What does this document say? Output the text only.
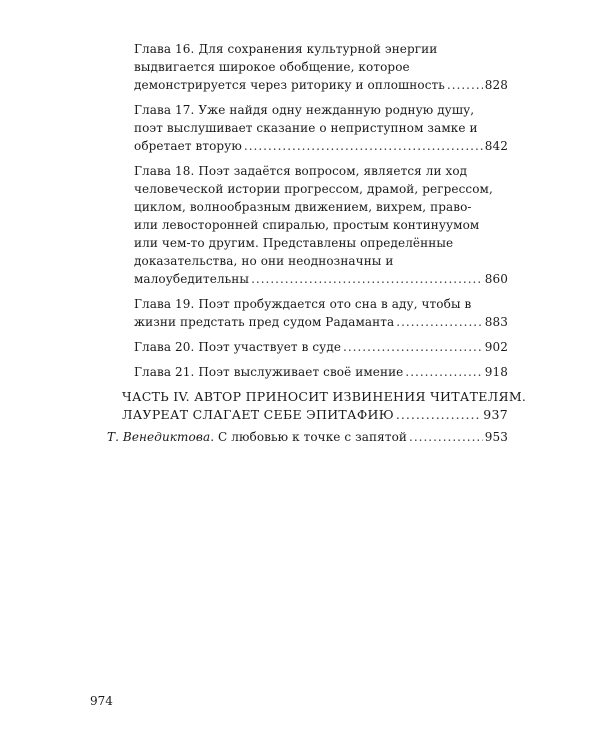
Глава 16. Для сохранения культурной энергии
выдвигается широкое обобщение, которое
демонстрируется через риторику и оплошность .....	828
Глава 17. Уже найдя одну нежданную родную душу,
поэт выслушивает сказание о неприступном замке и
обретает вторую .....	842
Глава 18. Поэт задаётся вопросом, является ли ход
человеческой истории прогрессом, драмой, регрессом,
циклом, волнообразным движением, вихрем, право-
или левосторонней спиралью, простым континуумом
или чем-то другим. Представлены определённые
доказательства, но они неоднозначны и
малоубедительны .....	860
Глава 19. Поэт пробуждается ото сна в аду, чтобы в
жизни предстать пред судом Радаманта .....	883
Глава 20. Поэт участвует в суде .....	902
Глава 21. Поэт выслуживает своё имение .....	918
ЧАСТЬ IV. АВТОР ПРИНОСИТ ИЗВИНЕНИЯ ЧИТАТЕЛЯМ.
ЛАУРЕАТ СЛАГАЕТ СЕБЕ ЭПИТАФИЮ .....	937
Т. Венедиктова. С любовью к точке с запятой .....	953
974
